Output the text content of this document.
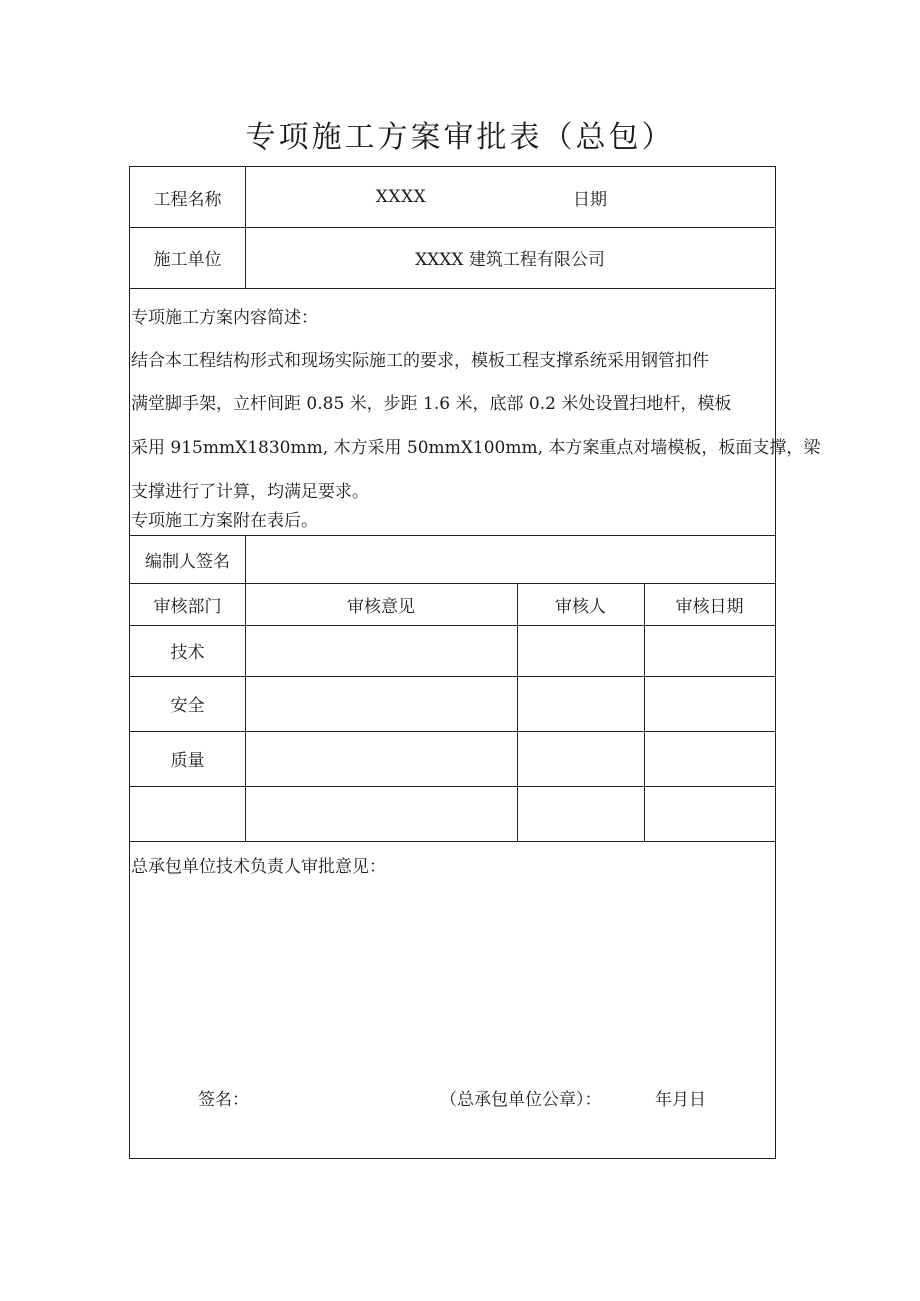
专项施工方案审批表（总包）
工程名称	XXXX	日期
施工单位	XXXX 建筑工程有限公司
专项施工方案内容简述：
结合本工程结构形式和现场实际施工的要求，模板工程支撑系统采用钢管扣件
满堂脚手架，立杆间距 0.85 米，步距 1.6 米，底部 0.2 米处设置扫地杆，模板
采用 915mmX1830mm, 木方采用 50mmX100mm, 本方案重点对墙模板，板面支撑，梁
支撑进行了计算，均满足要求。
专项施工方案附在表后。
编制人签名
审核部门	审核意见	审核人	审核日期
技术
安全
质量
总承包单位技术负责人审批意见：
签名：	（总承包单位公章）：	年月日
